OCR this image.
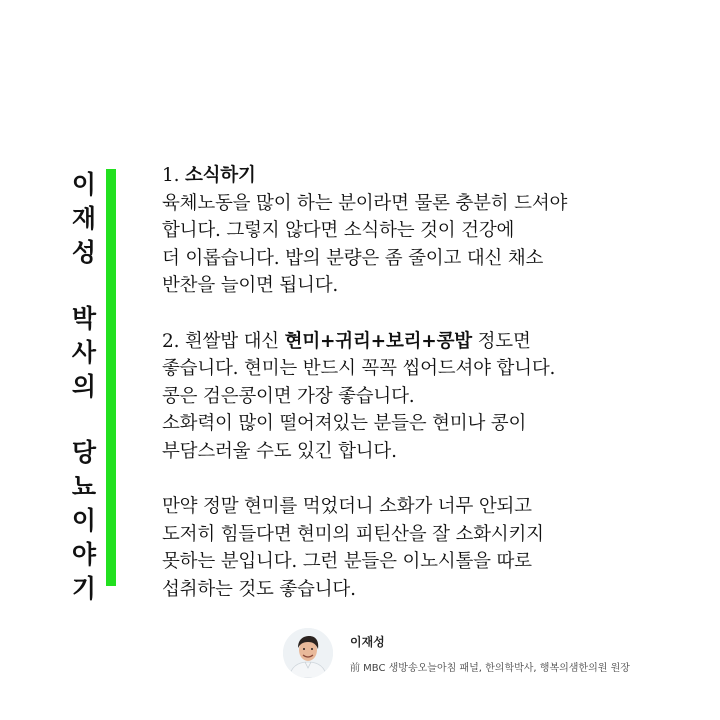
이
재
성
박
사
의
당
뇨
이
야
기

1. 소식하기

육체노동을 많이 하는 분이라면 물론 충분히 드셔야

합니다. 그렇지 않다면 소식하는 것이 건강에

더 이롭습니다. 밥의 분량은 좀 줄이고 대신 채소

반찬을 늘이면 됩니다.

2. 흰쌀밥 대신 현미+귀리+보리+콩밥 정도면

좋습니다. 현미는 반드시 꼭꼭 씹어드셔야 합니다.

콩은 검은콩이면 가장 좋습니다.

소화력이 많이 떨어져있는 분들은 현미나 콩이

부담스러울 수도 있긴 합니다.

만약 정말 현미를 먹었더니 소화가 너무 안되고

도저히 힘들다면 현미의 피틴산을 잘 소화시키지

못하는 분입니다. 그런 분들은 이노시톨을 따로

섭취하는 것도 좋습니다.

이재성
前 MBC 생방송오늘아침 패널, 한의학박사, 행복의샘한의원 원장
